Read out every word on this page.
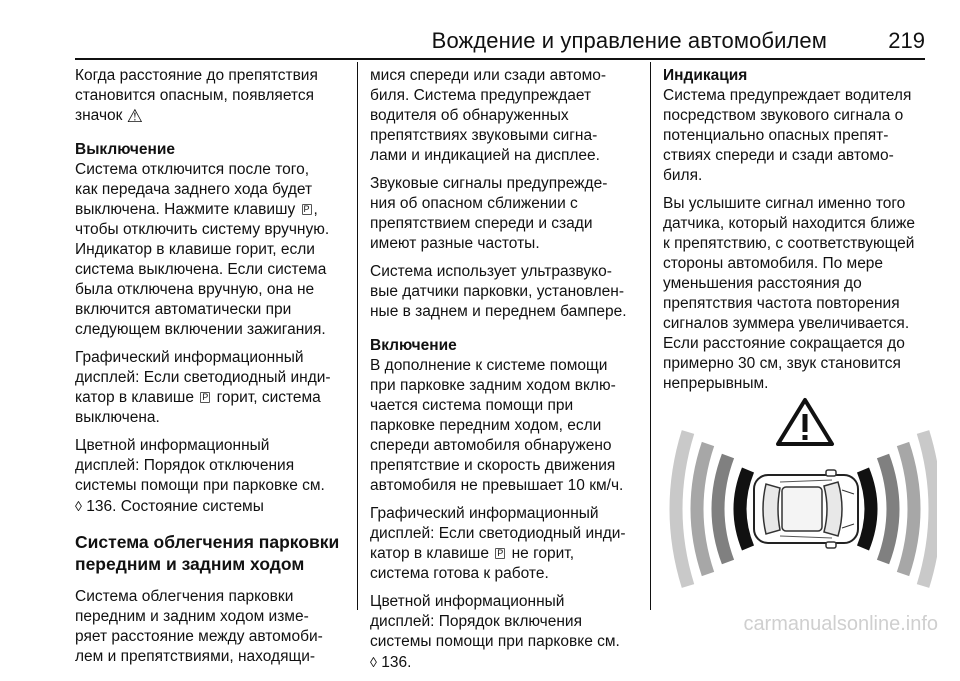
Вождение и управление автомобилем	219
Когда расстояние до препятствия
становится опасным, появляется
значок ⚠
Выключение
Система отключится после того,
как передача заднего хода будет
выключена. Нажмите клавишу P ,
чтобы отключить систему вручную.
Индикатор в клавише горит, если
система выключена. Если система
была отключена вручную, она не
включится автоматически при
следующем включении зажигания.
Графический информационный
дисплей: Если светодиодный инди-
катор в клавише P горит, система
выключена.
Цветной информационный
дисплей: Порядок отключения
системы помощи при парковке см.
◊ 136. Состояние системы
Система облегчения парковки
передним и задним ходом
Система облегчения парковки
передним и задним ходом изме-
ряет расстояние между автомоби-
лем и препятствиями, находящи-
мися спереди или сзади автомо-
биля. Система предупреждает
водителя об обнаруженных
препятствиях звуковыми сигна-
лами и индикацией на дисплее.
Звуковые сигналы предупрежде-
ния об опасном сближении с
препятствием спереди и сзади
имеют разные частоты.
Система использует ультразвуко-
вые датчики парковки, установлен-
ные в заднем и переднем бампере.
Включение
В дополнение к системе помощи
при парковке задним ходом вклю-
чается система помощи при
парковке передним ходом, если
спереди автомобиля обнаружено
препятствие и скорость движения
автомобиля не превышает 10 км/ч.
Графический информационный
дисплей: Если светодиодный инди-
катор в клавише P не горит,
система готова к работе.
Цветной информационный
дисплей: Порядок включения
системы помощи при парковке см.
◊ 136.
Индикация
Система предупреждает водителя
посредством звукового сигнала о
потенциально опасных препят-
ствиях спереди и сзади автомо-
биля.
Вы услышите сигнал именно того
датчика, который находится ближе
к препятствию, с соответствующей
стороны автомобиля. По мере
уменьшения расстояния до
препятствия частота повторения
сигналов зуммера увеличивается.
Если расстояние сокращается до
примерно 30 см, звук становится
непрерывным.
carmanualsonline.info
